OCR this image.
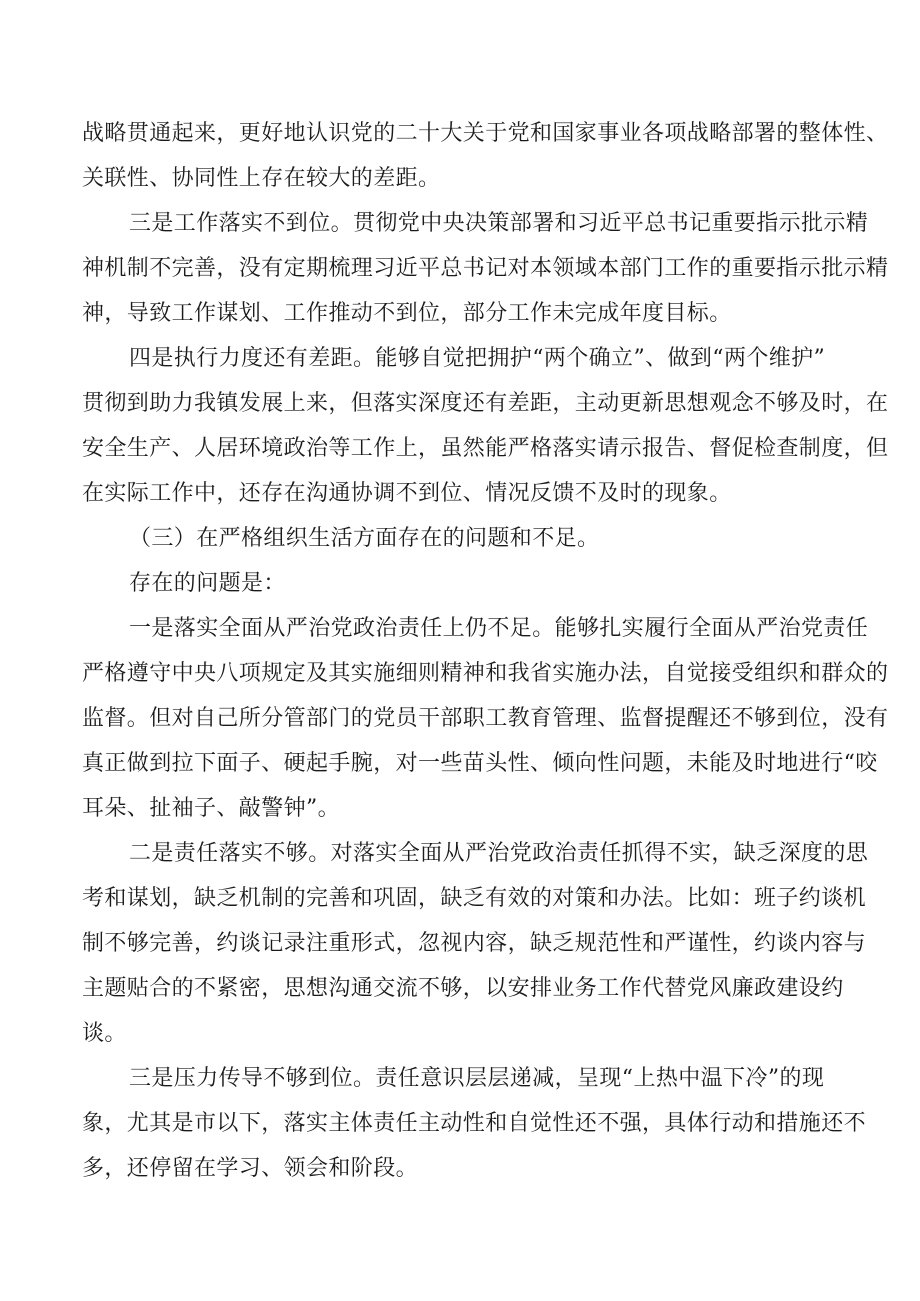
战略贯通起来，更好地认识党的二十大关于党和国家事业各项战略部署的整体性、
关联性、协同性上存在较大的差距。
三是工作落实不到位。贯彻党中央决策部署和习近平总书记重要指示批示精
神机制不完善，没有定期梳理习近平总书记对本领域本部门工作的重要指示批示精
神，导致工作谋划、工作推动不到位，部分工作未完成年度目标。
四是执行力度还有差距。能够自觉把拥护“两个确立”、做到“两个维护”
贯彻到助力我镇发展上来，但落实深度还有差距，主动更新思想观念不够及时，在
安全生产、人居环境政治等工作上，虽然能严格落实请示报告、督促检查制度，但
在实际工作中，还存在沟通协调不到位、情况反馈不及时的现象。
（三）在严格组织生活方面存在的问题和不足。
存在的问题是：
一是落实全面从严治党政治责任上仍不足。能够扎实履行全面从严治党责任
严格遵守中央八项规定及其实施细则精神和我省实施办法，自觉接受组织和群众的
监督。但对自己所分管部门的党员干部职工教育管理、监督提醒还不够到位，没有
真正做到拉下面子、硬起手腕，对一些苗头性、倾向性问题，未能及时地进行“咬
耳朵、扯袖子、敲警钟”。
二是责任落实不够。对落实全面从严治党政治责任抓得不实，缺乏深度的思
考和谋划，缺乏机制的完善和巩固，缺乏有效的对策和办法。比如：班子约谈机
制不够完善，约谈记录注重形式，忽视内容，缺乏规范性和严谨性，约谈内容与
主题贴合的不紧密，思想沟通交流不够，以安排业务工作代替党风廉政建设约
谈。
三是压力传导不够到位。责任意识层层递减，呈现“上热中温下冷”的现
象，尤其是市以下，落实主体责任主动性和自觉性还不强，具体行动和措施还不
多，还停留在学习、领会和阶段。
